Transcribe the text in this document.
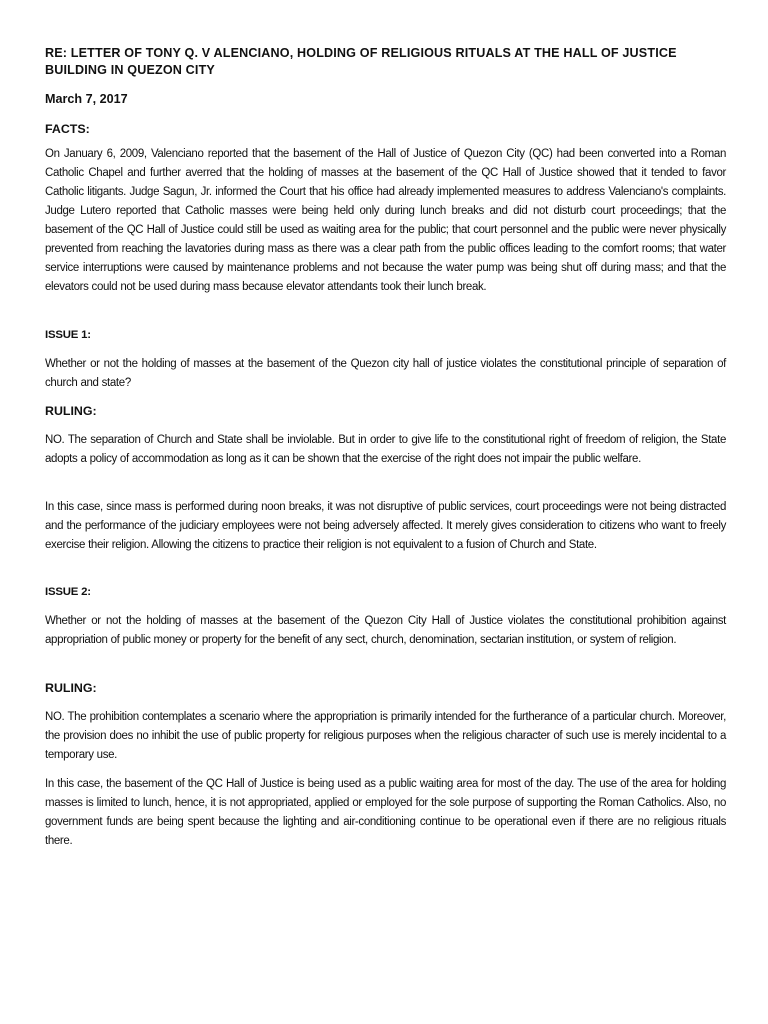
RE: LETTER OF TONY Q. V ALENCIANO, HOLDING OF RELIGIOUS RITUALS AT THE HALL OF JUSTICE BUILDING IN QUEZON CITY

March 7, 2017

FACTS:

On January 6, 2009, Valenciano reported that the basement of the Hall of Justice of Quezon City (QC) had been converted into a Roman Catholic Chapel and further averred that the holding of masses at the basement of the QC Hall of Justice showed that it tended to favor Catholic litigants. Judge Sagun, Jr. informed the Court that his office had already implemented measures to address Valenciano's complaints. Judge Lutero reported that Catholic masses were being held only during lunch breaks and did not disturb court proceedings; that the basement of the QC Hall of Justice could still be used as waiting area for the public; that court personnel and the public were never physically prevented from reaching the lavatories during mass as there was a clear path from the public offices leading to the comfort rooms; that water service interruptions were caused by maintenance problems and not because the water pump was being shut off during mass; and that the elevators could not be used during mass because elevator attendants took their lunch break.

ISSUE 1:

Whether or not the holding of masses at the basement of the Quezon city hall of justice violates the constitutional principle of separation of church and state?

RULING:

NO. The separation of Church and State shall be inviolable. But in order to give life to the constitutional right of freedom of religion, the State adopts a policy of accommodation as long as it can be shown that the exercise of the right does not impair the public welfare.

In this case, since mass is performed during noon breaks, it was not disruptive of public services, court proceedings were not being distracted and the performance of the judiciary employees were not being adversely affected. It merely gives consideration to citizens who want to freely exercise their religion. Allowing the citizens to practice their religion is not equivalent to a fusion of Church and State.

ISSUE 2:

Whether or not the holding of masses at the basement of the Quezon City Hall of Justice violates the constitutional prohibition against appropriation of public money or property for the benefit of any sect, church, denomination, sectarian institution, or system of religion.

RULING:

NO. The prohibition contemplates a scenario where the appropriation is primarily intended for the furtherance of a particular church. Moreover, the provision does no inhibit the use of public property for religious purposes when the religious character of such use is merely incidental to a temporary use.

In this case, the basement of the QC Hall of Justice is being used as a public waiting area for most of the day. The use of the area for holding masses is limited to lunch, hence, it is not appropriated, applied or employed for the sole purpose of supporting the Roman Catholics. Also, no government funds are being spent because the lighting and air-conditioning continue to be operational even if there are no religious rituals there.
